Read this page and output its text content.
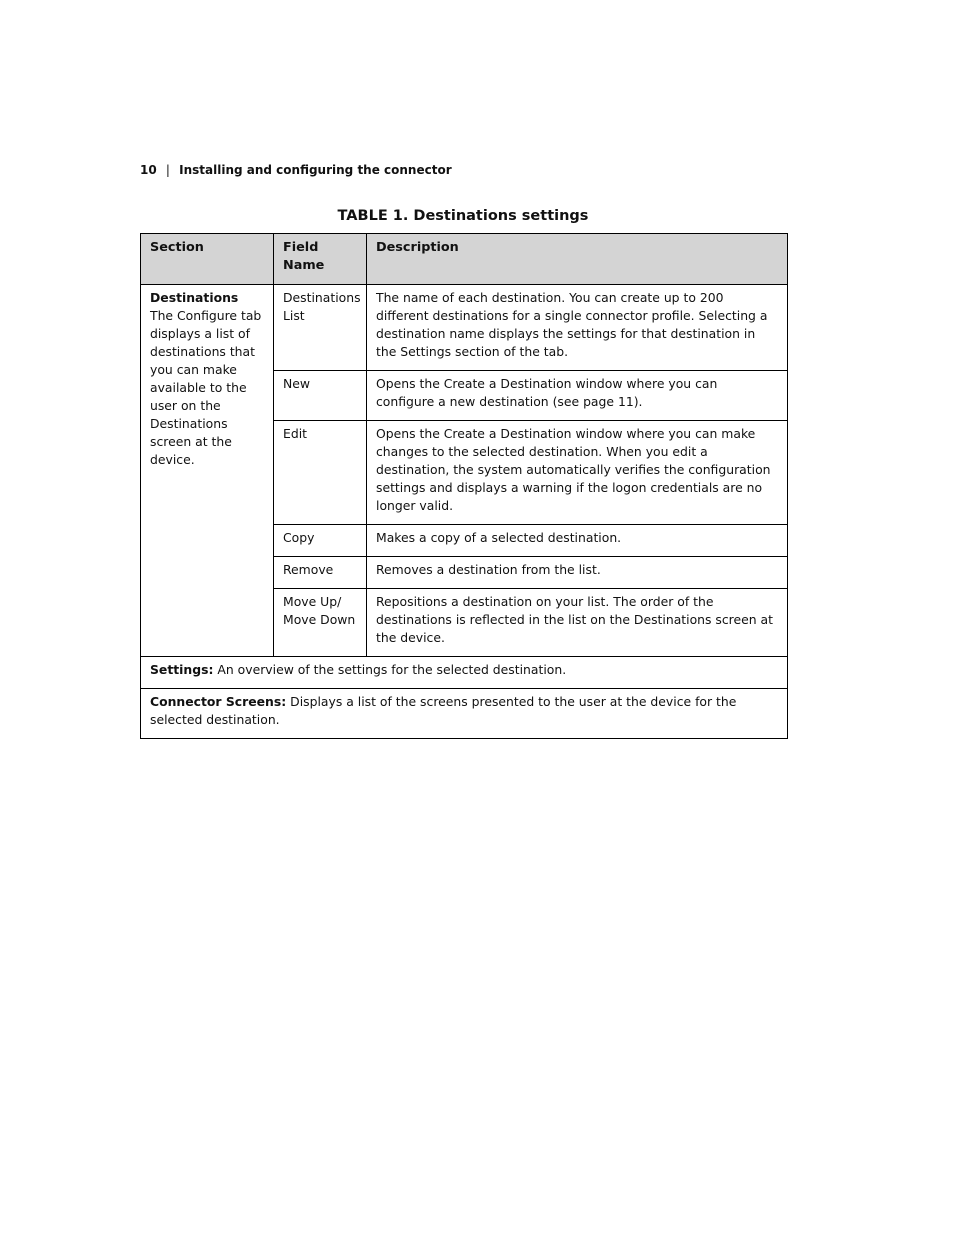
10 | Installing and configuring the connector
TABLE 1. Destinations settings
Section	Field Name	Description

Destinations
The Configure tab displays a list of destinations that you can make available to the user on the Destinations screen at the device.	Destinations List	The name of each destination. You can create up to 200 different destinations for a single connector profile. Selecting a destination name displays the settings for that destination in the Settings section of the tab.
	New	Opens the Create a Destination window where you can configure a new destination (see page 11).
	Edit	Opens the Create a Destination window where you can make changes to the selected destination. When you edit a destination, the system automatically verifies the configuration settings and displays a warning if the logon credentials are no longer valid.
	Copy	Makes a copy of a selected destination.
	Remove	Removes a destination from the list.
	Move Up/ Move Down	Repositions a destination on your list. The order of the destinations is reflected in the list on the Destinations screen at the device.
Settings: An overview of the settings for the selected destination.		
Connector Screens: Displays a list of the screens presented to the user at the device for the selected destination.		
